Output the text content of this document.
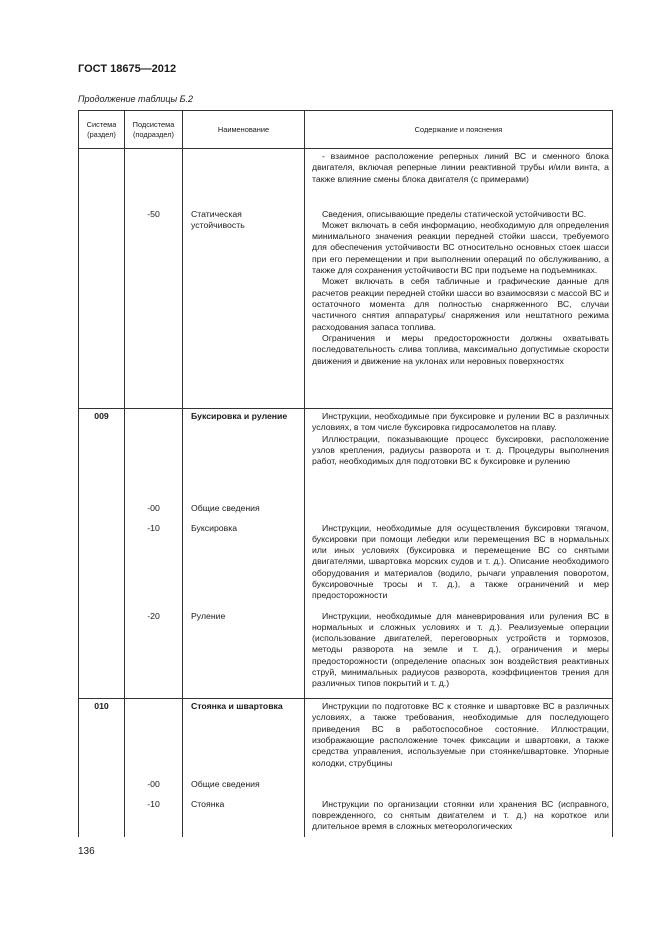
ГОСТ 18675—2012
Продолжение таблицы Б.2
Система (раздел)	Подсистема (подраздел)	Наименование	Содержание и пояснения

			- взаимное расположение реперных линий ВС и сменного блока двигателя, включая реперные линии реактивной трубы и/или винта, а также влияние смены блока двигателя (с примерами)

	-50	Статическая устойчивость	Сведения, описывающие пределы статической устойчивости ВС.

Может включать в себя информацию, необходимую для определения минимального значения реакции передней стойки шасси, требуемого для обеспечения устойчивости ВС относительно основных стоек шасси при его перемещении и при выполнении операций по обслуживанию, а также для сохранения устойчивости ВС при подъеме на подъемниках.

Может включать в себя табличные и графические данные для расчетов реакции передней стойки шасси во взаимосвязи с массой ВС и остаточного момента для полностью снаряженного ВС, случаи частичного снятия аппаратуры/ снаряжения или нештатного режима расходования запаса топлива.

Ограничения и меры предосторожности должны охватывать последовательность слива топлива, максимально допустимые скорости движения и движение на уклонах или неровных поверхностях

009		Буксировка и руление	Инструкции, необходимые при буксировке и рулении ВС в различных условиях, в том числе буксировка гидросамолетов на плаву.

Иллюстрации, показывающие процесс буксировки, расположение узлов крепления, радиусы разворота и т. д. Процедуры выполнения работ, необходимых для подготовки ВС к буксировке и рулению

	-00	Общие сведения	
	-10	Буксировка	Инструкции, необходимые для осуществления буксировки тягачом, буксировки при помощи лебедки или перемещения ВС в нормальных или иных условиях (буксировка и перемещение ВС со снятыми двигателями, швартовка морских судов и т. д.). Описание необходимого оборудования и материалов (водило, рычаги управления поворотом, буксировочные тросы и т. д.), а также ограничений и мер предосторожности

	-20	Руление	Инструкции, необходимые для маневрирования или руления ВС в нормальных и сложных условиях и т. д.). Реализуемые операции (использование двигателей, переговорных устройств и тормозов, методы разворота на земле и т. д.), ограничения и меры предосторожности (определение опасных зон воздействия реактивных струй, минимальных радиусов разворота, коэффициентов трения для различных типов покрытий и т. д.)

010		Стоянка и швартовка	Инструкции по подготовке ВС к стоянке и швартовке ВС в различных условиях, а также требования, необходимые для последующего приведения ВС в работоспособное состояние. Иллюстрации, изображающие расположение точек фиксации и швартовки, а также средства управления, используемые при стоянке/швартовке. Упорные колодки, струбцины

	-00	Общие сведения	
	-10	Стоянка	Инструкции по организации стоянки или хранения ВС (исправного, поврежденного, со снятым двигателем и т. д.) на короткое или длительное время в сложных метеорологических

136
